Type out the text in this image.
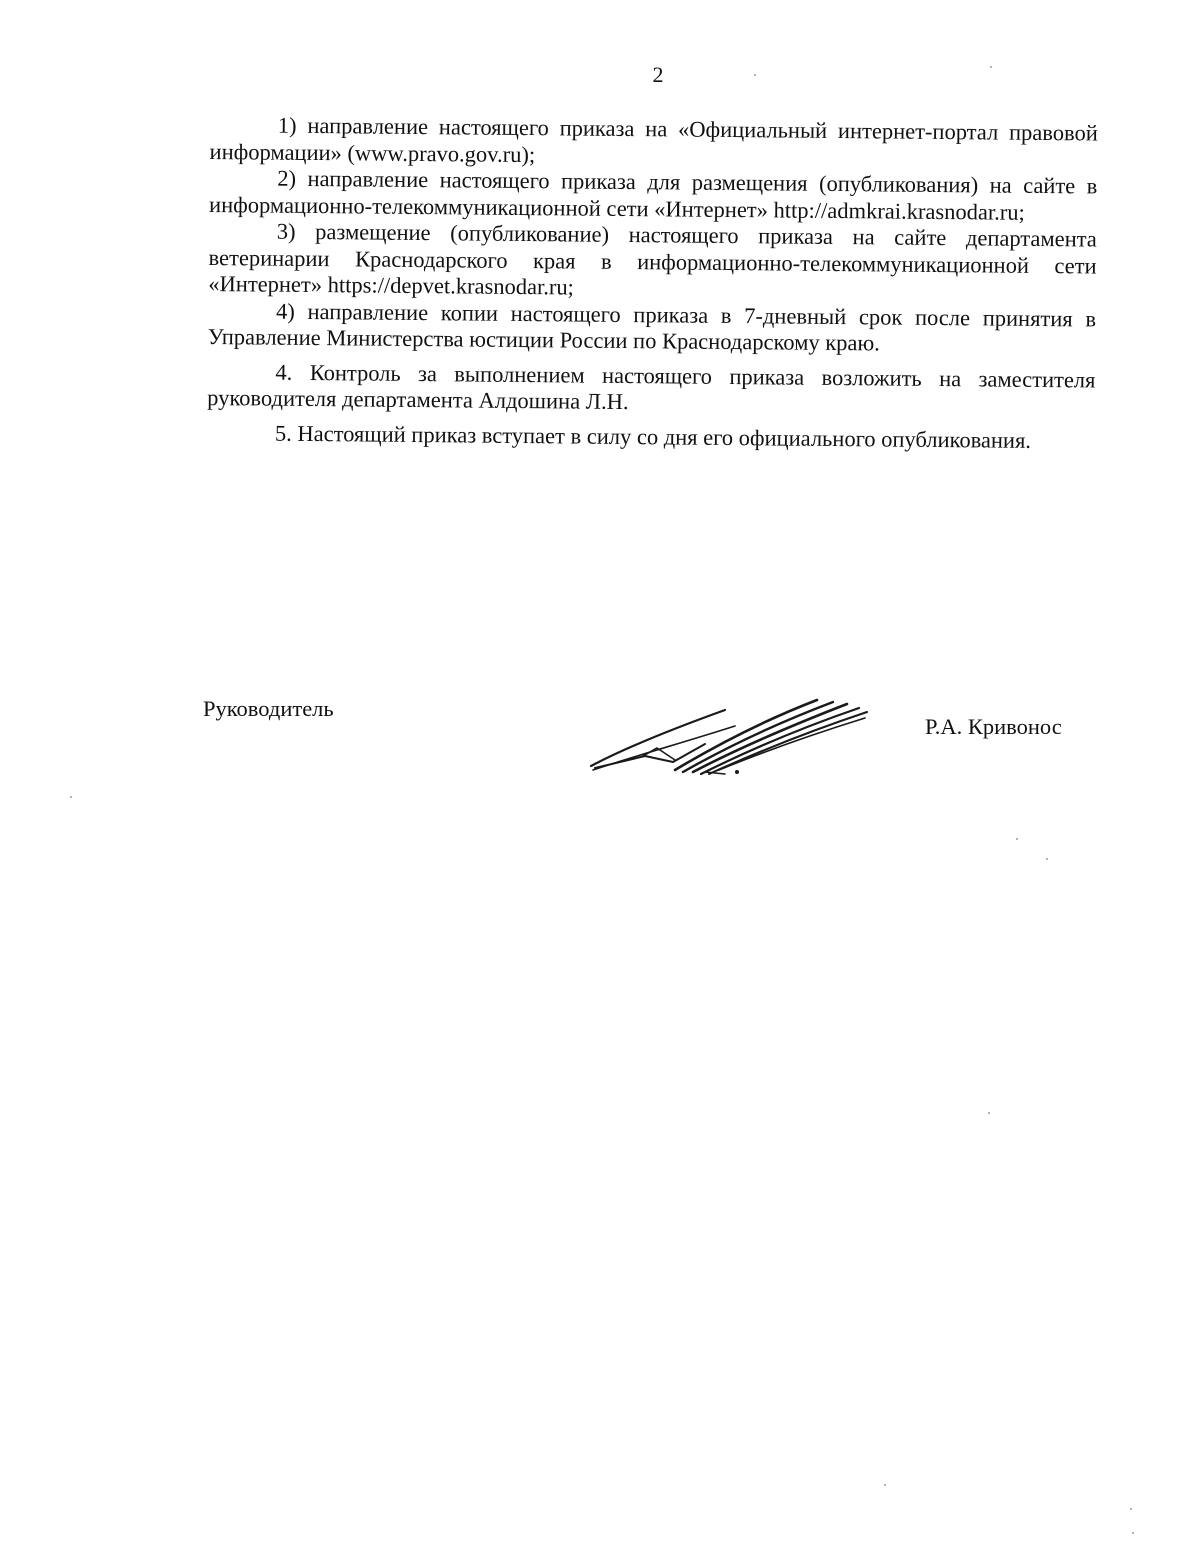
2

1) направление настоящего приказа на «Официальный интернет-портал правовой информации» (www.pravo.gov.ru);

2) направление настоящего приказа для размещения (опубликования) на сайте в информационно-телекоммуникационной сети «Интернет» http://admkrai.krasnodar.ru;

3) размещение (опубликование) настоящего приказа на сайте департамента ветеринарии Краснодарского края в информационно-телекоммуникационной сети «Интернет» https://depvet.krasnodar.ru;

4) направление копии настоящего приказа в 7-дневный срок после принятия в Управление Министерства юстиции России по Краснодарскому краю.

4. Контроль за выполнением настоящего приказа возложить на заместителя руководителя департамента Алдошина Л.Н.

5. Настоящий приказ вступает в силу со дня его официального опубликования.

Руководитель
Р.А. Кривонос
